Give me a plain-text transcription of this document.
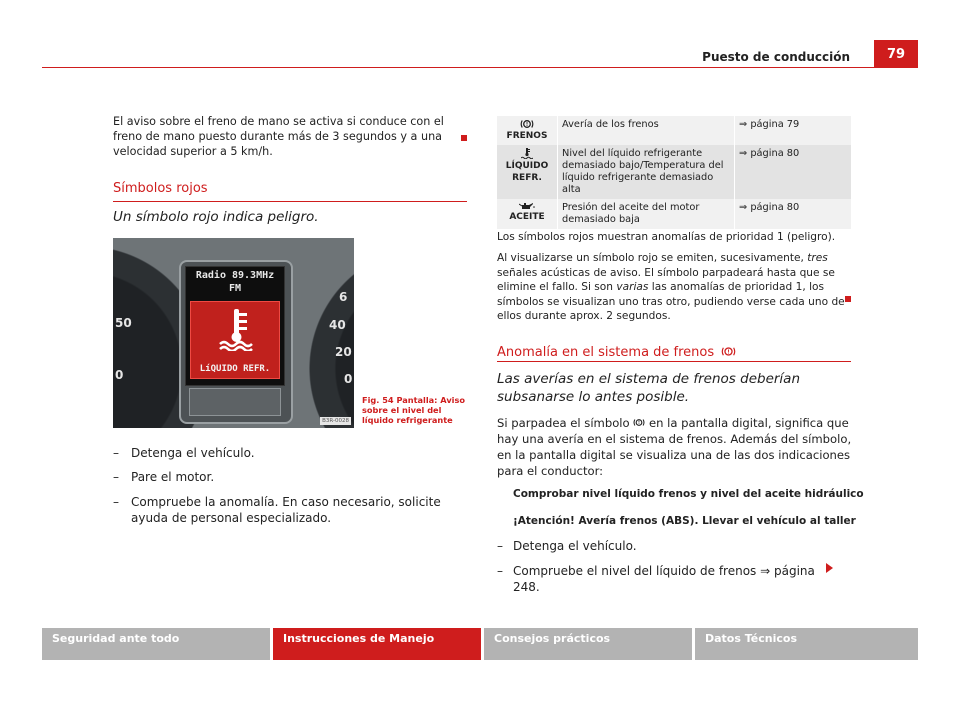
Puesto de conducción	79
El aviso sobre el freno de mano se activa si conduce con el freno de mano puesto durante más de 3 segundos y a una velocidad superior a 5 km/h.
Símbolos rojos
Un símbolo rojo indica peligro.
50
0
6
40
20
0
Radio 89.3MHz
FM
LíQUIDO REFR.
B3R-0028
Fig. 54 Pantalla: Aviso sobre el nivel del líquido refrigerante
–	Detenga el vehículo.
–	Pare el motor.
–	Compruebe la anomalía. En caso necesario, solicite ayuda de personal especializado.
!
FRENOS	Avería de los frenos	⇒ página 79

LÍQUIDO REFR.	Nivel del líquido refrigerante demasiado bajo/Temperatura del líquido refrigerante demasiado alta	⇒ página 80

ACEITE	Presión del aceite del motor demasiado baja	⇒ página 80
Los símbolos rojos muestran anomalías de prioridad 1 (peligro).
Al visualizarse un símbolo rojo se emiten, sucesivamente, tres señales acústicas de aviso. El símbolo parpadeará hasta que se elimine el fallo. Si son varias las anomalías de prioridad 1, los símbolos se visualizan uno tras otro, pudiendo verse cada uno de ellos durante aprox. 2 segundos.
Anomalía en el sistema de frenos	!
Las averías en el sistema de frenos deberían subsanarse lo antes posible.
Si parpadea el símbolo ! en la pantalla digital, significa que hay una avería en el sistema de frenos. Además del símbolo, en la pantalla digital se visualiza una de las dos indicaciones para el conductor:
Comprobar nivel líquido frenos y nivel del aceite hidráulico
¡Atención! Avería frenos (ABS). Llevar el vehículo al taller
– Detenga el vehículo.
– Compruebe el nivel del líquido de frenos ⇒ página 248.
Seguridad ante todo	Instrucciones de Manejo	Consejos prácticos	Datos Técnicos
